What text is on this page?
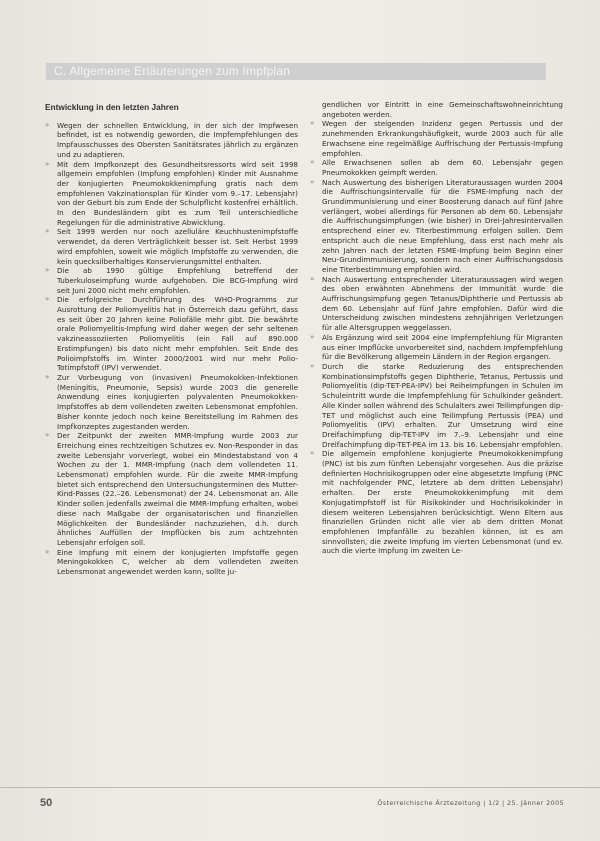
C. Allgemeine Erläuterungen zum Impfplan
Entwicklung in den letzten Jahren
» Wegen der schnellen Entwicklung, in der sich der Impfwesen befindet, ist es notwendig geworden, die Impfempfehlungen des Impfausschusses des Obersten Sanitätsrates jährlich zu ergänzen und zu adaptieren.
» Mit dem Impfkonzept des Gesundheitsressorts wird seit 1998 allgemein empfohlen (Impfung empfohlen) Kinder mit Ausnahme der konjugierten Pneumokokkenimpfung gratis nach dem empfohlenen Vakzinationsplan für Kinder vom 9.–17. Lebensjahr) von der Geburt bis zum Ende der Schulpflicht kostenfrei erhältlich. In den Bundesländern gibt es zum Teil unterschiedliche Regelungen für die administrative Abwicklung.
» Seit 1999 werden nur noch azelluläre Keuchhustenimpfstoffe verwendet, da deren Verträglichkeit besser ist. Seit Herbst 1999 wird empfohlen, soweit wie möglich Impfstoffe zu verwenden, die kein quecksilberhaltiges Konservierungsmittel enthalten.
» Die ab 1990 gültige Empfehlung betreffend der Tuberkuloseimpfung wurde aufgehoben. Die BCG-Impfung wird seit Juni 2000 nicht mehr empfohlen.
» Die erfolgreiche Durchführung des WHO-Programms zur Ausrottung der Poliomyelitis hat in Österreich dazu geführt, dass es seit über 20 Jahren keine Poliofälle mehr gibt. Die bewährte orale Poliomyelitis-Impfung wird daher wegen der sehr seltenen vakzineassoziierten Poliomyelitis (ein Fall auf 890.000 Erstimpfungen) bis dato nicht mehr empfohlen. Seit Ende des Polioimpfstoffs im Winter 2000/2001 wird nur mehr Polio-Totimpfstoff (IPV) verwendet.
» Zur Vorbeugung von (invasiven) Pneumokokken-Infektionen (Meningitis, Pneumonie, Sepsis) wurde 2003 die generelle Anwendung eines konjugierten polyvalenten Pneumokokken-Impfstoffes ab dem vollendeten zweiten Lebensmonat empfohlen. Bisher konnte jedoch noch keine Bereitstellung im Rahmen des Impfkonzeptes zugestanden werden.
» Der Zeitpunkt der zweiten MMR-Impfung wurde 2003 zur Erreichung eines rechtzeitigen Schutzes ev. Non-Responder in das zweite Lebensjahr vorverlegt, wobei ein Mindestabstand von 4 Wochen zu der 1. MMR-Impfung (nach dem vollendeten 11. Lebensmonat) empfohlen wurde. Für die zweite MMR-Impfung bietet sich entsprechend den Untersuchungsterminen des Mutter-Kind-Passes (22.–26. Lebensmonat) der 24. Lebensmonat an. Alle Kinder sollen jedenfalls zweimal die MMR-Impfung erhalten, wobei diese nach Maßgabe der organisatorischen und finanziellen Möglichkeiten der Bundesländer nachzuziehen, d.h. durch ähnliches Auffüllen der Impflücken bis zum achtzehnten Lebensjahr erfolgen soll.
» Eine Impfung mit einem der konjugierten Impfstoffe gegen Meningokokken C, welcher ab dem vollendeten zweiten Lebensmonat angewendet werden kann, sollte ju-
gendlichen vor Eintritt in eine Gemeinschaftswohneinrichtung angeboten werden.
» Wegen der steigenden Inzidenz gegen Pertussis und der zunehmenden Erkrankungshäufigkeit, wurde 2003 auch für alle Erwachsene eine regelmäßige Auffrischung der Pertussis-Impfung empfohlen.
» Alle Erwachsenen sollen ab dem 60. Lebensjahr gegen Pneumokokken geimpft werden.
» Nach Auswertung des bisherigen Literaturaussagen wurden 2004 die Auffrischungsintervalle für die FSME-Impfung nach der Grundimmunisierung und einer Boosterung danach auf fünf Jahre verlängert, wobei allerdings für Personen ab dem 60. Lebensjahr die Auffrischungsimpfungen (wie bisher) in Drei-Jahresintervallen entsprechend einer ev. Titerbestimmung erfolgen sollen. Dem entspricht auch die neue Empfehlung, dass erst nach mehr als zehn Jahren nach der letzten FSME-Impfung beim Beginn einer Neu-Grundimmunisierung, sondern nach einer Auffrischungsdosis eine Titerbestimmung empfohlen wird.
» Nach Auswertung entsprechender Literaturaussagen wird wegen des oben erwähnten Abnehmens der Immunität wurde die Auffrischungsimpfung gegen Tetanus/Diphtherie und Pertussis ab dem 60. Lebensjahr auf fünf Jahre empfohlen. Dafür wird die Unterscheidung zwischen mindestens zehnjährigen Verletzungen für alle Altersgruppen weggelassen.
» Als Ergänzung wird seit 2004 eine Impfempfehlung für Migranten aus einer Impflücke unvorbereitet sind, nachdem Impfempfehlung für die Bevölkerung allgemein Ländern in der Region ergangen.
» Durch die starke Reduzierung des entsprechenden Kombinationsimpfstoffs gegen Diphtherie, Tetanus, Pertussis und Poliomyelitis (dip-TET-PEA-IPV) bei Reiheimpfungen in Schulen im Schuleintritt wurde die Impfempfehlung für Schulkinder geändert. Alle Kinder sollen während des Schulalters zwei Teilimpfungen dip-TET und möglichst auch eine Teilimpfung Pertussis (PEA) und Poliomyelitis (IPV) erhalten. Zur Umsetzung wird eine Dreifachimpfung dip-TET-IPV im 7.–9. Lebensjahr und eine Dreifachimpfung dip-TET-PEA im 13. bis 16. Lebensjahr empfohlen.
» Die allgemein empfohlene konjugierte Pneumokokkenimpfung (PNC) ist bis zum fünften Lebensjahr vorgesehen. Aus die präzise definierten Hochrisikogruppen oder eine abgesetzte Impfung (PNC mit nachfolgender PNC, letztere ab dem dritten Lebensjahr) erhalten. Der erste Pneumokokkenimpfung mit dem Konjugatimpfstoff ist für Risikokinder und Hochrisikokinder in diesem weiteren Lebensjahren berücksichtigt. Wenn Eltern aus finanziellen Gründen nicht alle vier ab dem dritten Monat empfohlenen Impfanfälle zu bezahlen können, ist es am sinnvollsten, die zweite Impfung im vierten Lebensmonat (und ev. auch die vierte Impfung im zweiten Le-
50	Österreichische Ärztezeitung | 1/2 | 25. Jänner 2005
